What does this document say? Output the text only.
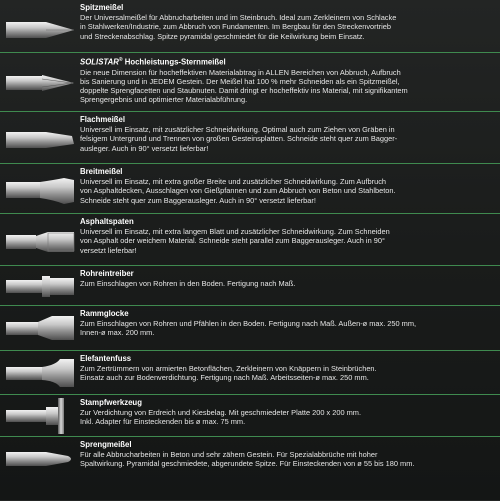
Spitzmeißel
Der Universalmeißel für Abbrucharbeiten und im Steinbruch. Ideal zum Zerkleinern von Schlacke
in Stahlwerken/Industrie, zum Abbruch von Fundamenten. Im Bergbau für den Streckenvortrieb
und Streckenabschlag. Spitze pyramidal geschmiedet für die Keilwirkung beim Einsatz.
SOLISTAR® Hochleistungs-Sternmeißel
Die neue Dimension für hocheffektiven Materialabtrag in ALLEN Bereichen von Abbruch, Aufbruch
bis Sanierung und in JEDEM Gestein. Der Meißel hat 100 % mehr Schneiden als ein Spitzmeißel,
doppelte Sprengfacetten und Staubnuten. Damit dringt er hocheffektiv ins Material, mit signifikantem
Sprengergebnis und optimierter Materialabführung.
Flachmeißel
Universell im Einsatz, mit zusätzlicher Schneidwirkung. Optimal auch zum Ziehen von Gräben in
felsigem Untergrund und Trennen von großen Gesteinsplatten. Schneide steht quer zum Bagger-
ausleger. Auch in 90° versetzt lieferbar!
Breitmeißel
Universell im Einsatz, mit extra großer Breite und zusätzlicher Schneidwirkung. Zum Aufbruch
von Asphaltdecken, Ausschlagen von Gießpfannen und zum Abbruch von Beton und Stahlbeton.
Schneide steht quer zum Baggerausleger. Auch in 90° versetzt lieferbar!
Asphaltspaten
Universell im Einsatz, mit extra langem Blatt und zusätzlicher Schneidwirkung. Zum Schneiden
von Asphalt oder weichem Material. Schneide steht parallel zum Baggerausleger. Auch in 90°
versetzt lieferbar!
Rohreintreiber
Zum Einschlagen von Rohren in den Boden. Fertigung nach Maß.
Rammglocke
Zum Einschlagen von Rohren und Pfählen in den Boden. Fertigung nach Maß. Außen-ø max. 250 mm,
Innen-ø max. 200 mm.
Elefantenfuss
Zum Zertrümmern von armierten Betonflächen, Zerkleinern von Knäppern in Steinbrüchen.
Einsatz auch zur Bodenverdichtung. Fertigung nach Maß. Arbeitsseiten-ø max. 250 mm.
Stampfwerkzeug
Zur Verdichtung von Erdreich und Kiesbelag. Mit geschmiedeter Platte 200 x 200 mm.
Inkl. Adapter für Einsteckenden bis ø max. 75 mm.
Sprengmeißel
Für alle Abbrucharbeiten in Beton und sehr zähem Gestein. Für Spezialabbrüche mit hoher
Spaltwirkung. Pyramidal geschmiedete, abgerundete Spitze. Für Einsteckenden von ø 55 bis 180 mm.
